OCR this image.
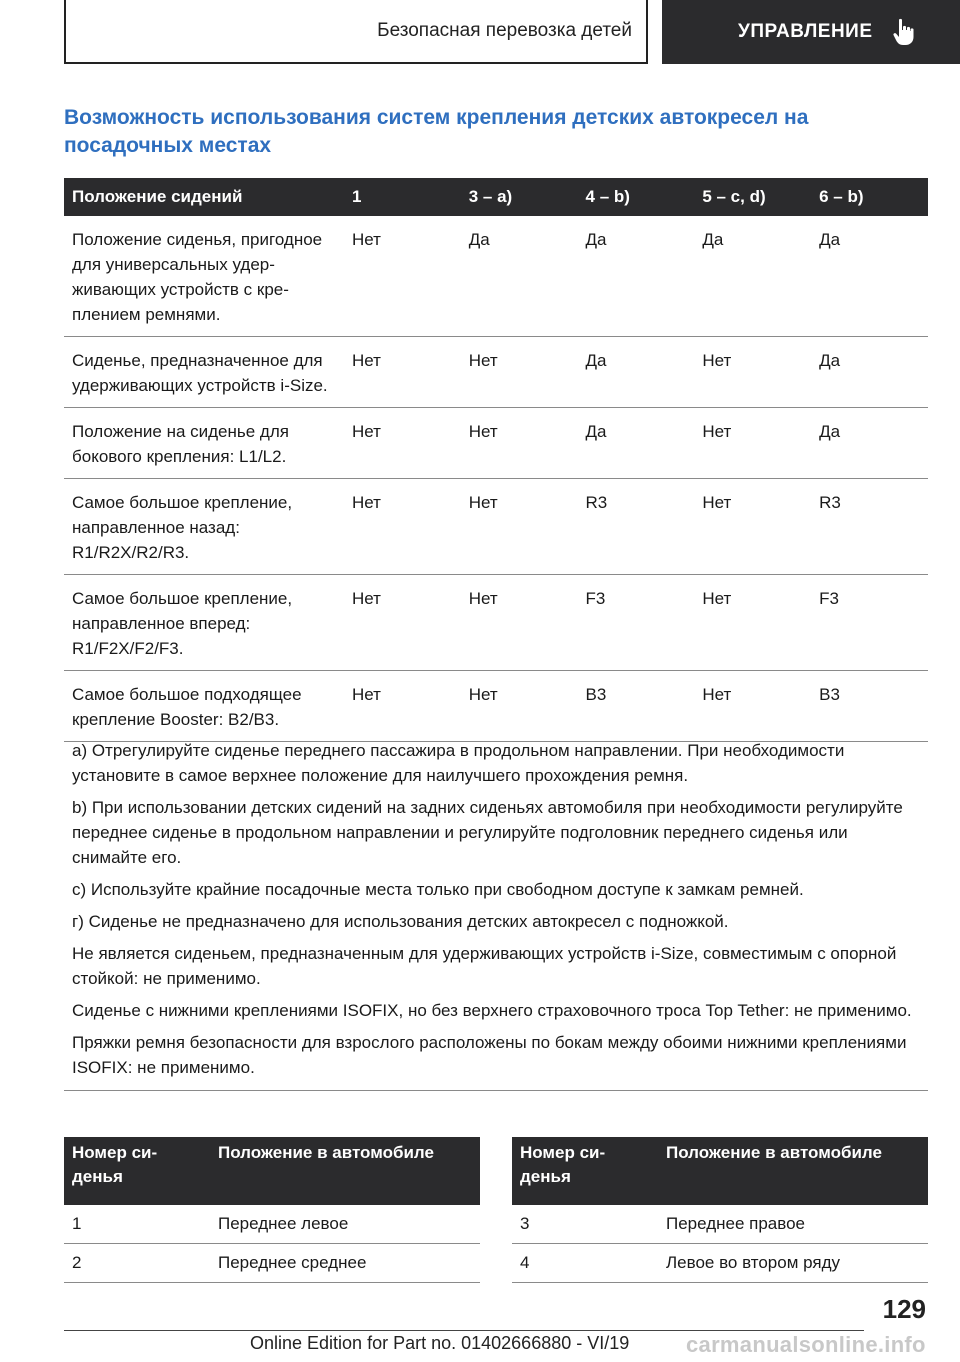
Безопасная перевозка детей	УПРАВЛЕНИЕ
Возможность использования систем крепления детских автокресел на посадочных местах
Положение сидений	1	3 – a)	4 – b)	5 – c, d)	6 – b)
Положение сиденья, пригодное для универсальных удерживающих устройств с креплением ремнями.	Нет	Да	Да	Да	Да
Сиденье, предназначенное для удерживающих устройств i-Size.	Нет	Нет	Да	Нет	Да
Положение на сиденье для бокового крепления: L1/L2.	Нет	Нет	Да	Нет	Да
Самое большое крепление, направленное назад: R1/R2X/R2/R3.	Нет	Нет	R3	Нет	R3
Самое большое крепление, направленное вперед: R1/F2X/F2/F3.	Нет	Нет	F3	Нет	F3
Самое большое подходящее крепление Booster: B2/B3.	Нет	Нет	B3	Нет	B3

a) Отрегулируйте сиденье переднего пассажира в продольном направлении. При необходимости установите в самое верхнее положение для наилучшего прохождения ремня.

b) При использовании детских сидений на задних сиденьях автомобиля при необходимости регулируйте переднее сиденье в продольном направлении и регулируйте подголовник переднего сиденья или снимайте его.

c) Используйте крайние посадочные места только при свободном доступе к замкам ремней.

г) Сиденье не предназначено для использования детских автокресел с подножкой.

Не является сиденьем, предназначенным для удерживающих устройств i-Size, совместимым с опорной стойкой: не применимо.

Сиденье с нижними креплениями ISOFIX, но без верхнего страховочного троса Top Tether: не применимо.

Пряжки ремня безопасности для взрослого расположены по бокам между обоими нижними креплениями ISOFIX: не применимо.

Номер сиденья	Положение в автомобиле
1	Переднее левое
2	Переднее среднее
Номер сиденья	Положение в автомобиле
3	Переднее правое
4	Левое во втором ряду
129
Online Edition for Part no. 01402666880 - VI/19	carmanualsonline.info
